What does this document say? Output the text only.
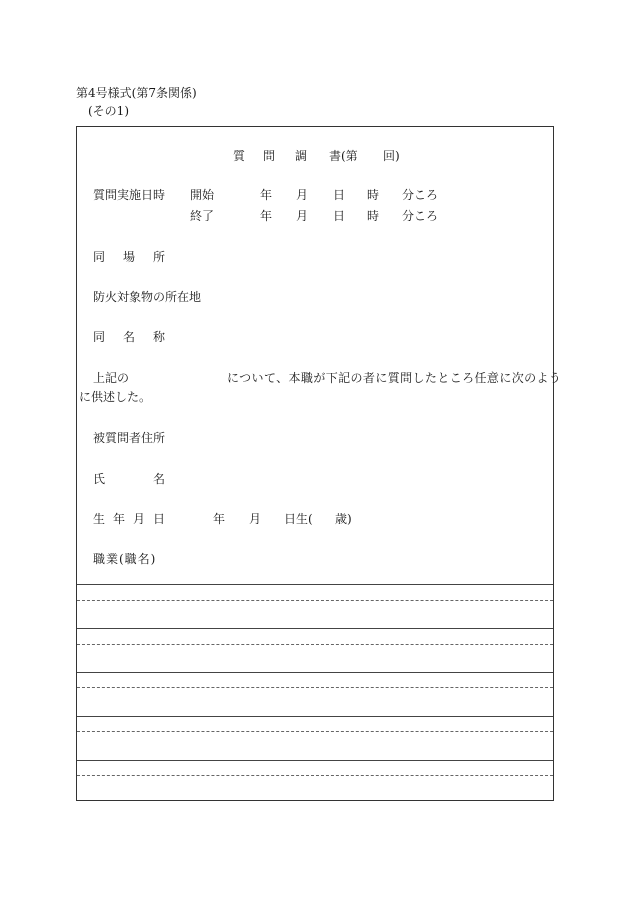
第4号様式(第7条関係)
(その1)
質 問 調 書(第 回)
質問実施日時 開始	年 月 日 時 分ころ
終了	年 月 日 時 分ころ
同 場 所
防火対象物の所在地
同 名 称
上記の	について、本職が下記の者に質問したところ任意に次のよう
に供述した。
被質問者住所
氏	名
生 年 月 日	年 月 日生( 歳)
職業(職名)
